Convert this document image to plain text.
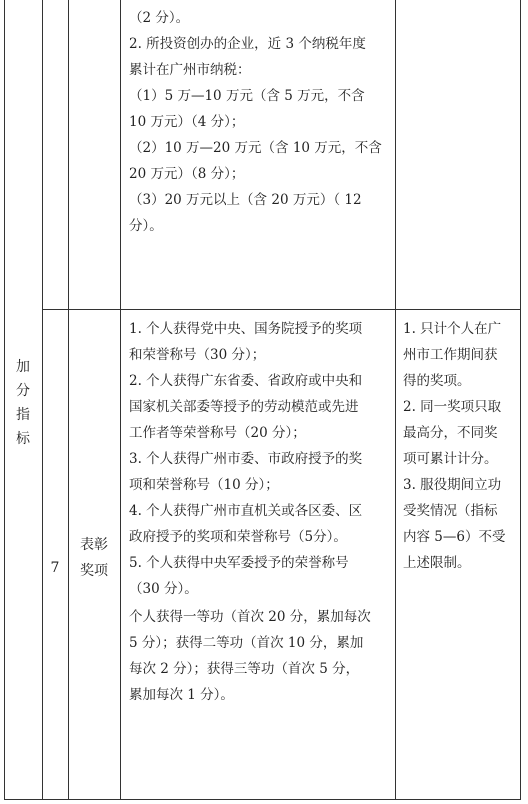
加
分
指
标
（2 分）。
2. 所投资创办的企业，近 3 个纳税年度
累计在广州市纳税：
（1）5 万—10 万元（含 5 万元，不含
10 万元）（4 分）；
（2）10 万—20 万元（含 10 万元，不含
20 万元）（8 分）；
（3）20 万元以上（含 20 万元）（ 12
分）。
7
表彰
奖项
1. 个人获得党中央、国务院授予的奖项
和荣誉称号（30 分）；
2. 个人获得广东省委、省政府或中央和
国家机关部委等授予的劳动模范或先进
工作者等荣誉称号（20 分）；
3. 个人获得广州市委、市政府授予的奖
项和荣誉称号（10 分）；
4. 个人获得广州市直机关或各区委、区
政府授予的奖项和荣誉称号（5分）。
5. 个人获得中央军委授予的荣誉称号
（30 分）。
个人获得一等功（首次 20 分，累加每次
5 分）；获得二等功（首次 10 分，累加
每次 2 分）；获得三等功（首次 5 分，
累加每次 1 分）。
1. 只计个人在广
州市工作期间获
得的奖项。
2. 同一奖项只取
最高分，不同奖
项可累计计分。
3. 服役期间立功
受奖情况（指标
内容 5—6）不受
上述限制。
